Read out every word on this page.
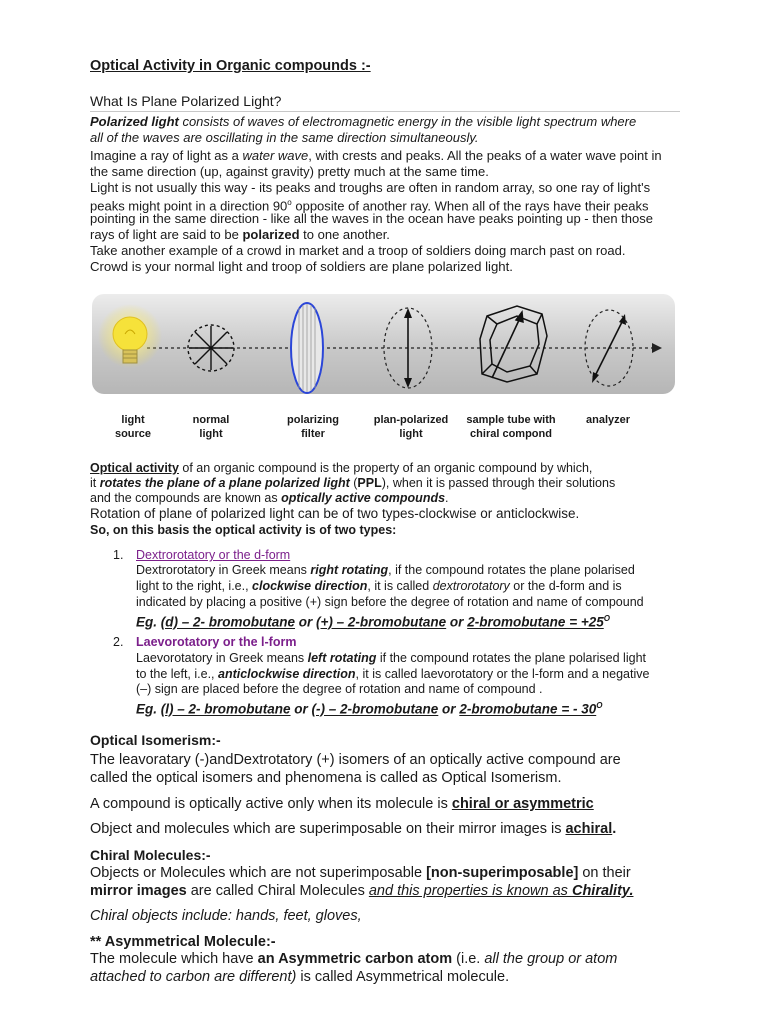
Optical Activity in Organic compounds :-
What Is Plane Polarized Light?
Polarized light consists of waves of electromagnetic energy in the visible light spectrum where
all of the waves are oscillating in the same direction simultaneously.
Imagine a ray of light as a water wave, with crests and peaks. All the peaks of a water wave point in
the same direction (up, against gravity) pretty much at the same time.
Light is not usually this way - its peaks and troughs are often in random array, so one ray of light's
peaks might point in a direction 90$^o$ opposite of another ray. When all of the rays have their peaks
pointing in the same direction - like all the waves in the ocean have peaks pointing up - then those
rays of light are said to be polarized to one another.
Take another example of a crowd in market and a troop of soldiers doing march past on road.
Crowd is your normal light and troop of soldiers are plane polarized light.
light
source
normal
light
polarizing
filter
plan-polarized
light
sample tube with
chiral compond
analyzer
Optical activity of an organic compound is the property of an organic compound by which,
it rotates the plane of a plane polarized light (PPL), when it is passed through their solutions
and the compounds are known as optically active compounds.
Rotation of plane of polarized light can be of two types-clockwise or anticlockwise.
So, on this basis the optical activity is of two types:
1. Dextrorotatory or the d-form
Dextrorotatory in Greek means right rotating, if the compound rotates the plane polarised
light to the right, i.e., clockwise direction, it is called dextrorotatory or the d-form and is
indicated by placing a positive (+) sign before the degree of rotation and name of compound
Eg. (d) – 2- bromobutane or (+) – 2-bromobutane or 2-bromobutane = $+25^O$
2. Laevorotatory or the l-form
Laevorotatory in Greek means left rotating if the compound rotates the plane polarised light
to the left, i.e., anticlockwise direction, it is called laevorotatory or the l-form and a negative
(–) sign are placed before the degree of rotation and name of compound .
Eg. (l) – 2- bromobutane or (-) – 2-bromobutane or 2-bromobutane = - $30^O$
Optical Isomerism:-
The leavoratary (-)andDextrotatory (+) isomers of an optically active compound are
called the optical isomers and phenomena is called as Optical Isomerism.
A compound is optically active only when its molecule is chiral or asymmetric
Object and molecules which are superimposable on their mirror images is achiral.
Chiral Molecules:-
Objects or Molecules which are not superimposable [non-superimposable] on their
mirror images are called Chiral Molecules and this properties is known as Chirality.
Chiral objects include: hands, feet, gloves,
** Asymmetrical Molecule:-
The molecule which have an Asymmetric carbon atom (i.e. all the group or atom
attached to carbon are different) is called Asymmetrical molecule.
